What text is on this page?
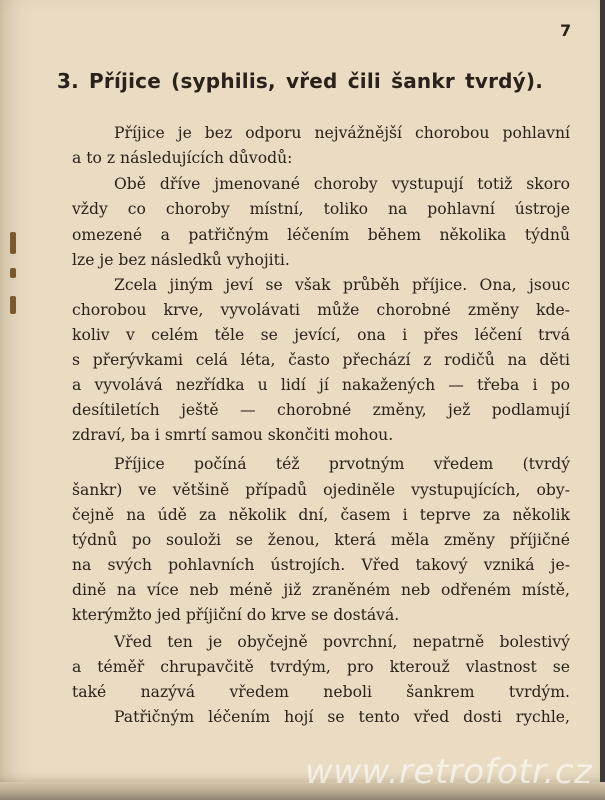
7
3. Příjice (syphilis, vřed čili šankr tvrdý).
Příjice je bez odporu nejvážnější chorobou pohlavní
a to z následujících důvodů:
Obě dříve jmenované choroby vystupují totiž skoro
vždy co choroby místní, toliko na pohlavní ústroje
omezené a patřičným léčením během několika týdnů
lze je bez následků vyhojiti.
Zcela jiným jeví se však průběh příjice. Ona, jsouc
chorobou krve, vyvolávati může chorobné změny kde-
koliv v celém těle se jevící, ona i přes léčení trvá
s přerývkami celá léta, často přechází z rodičů na děti
a vyvolává nezřídka u lidí jí nakažených — třeba i po
desítiletích ještě — chorobné změny, jež podlamují
zdraví, ba i smrtí samou skončiti mohou.
Příjice počíná též prvotným vředem (tvrdý
šankr) ve většině případů ojediněle vystupujících, oby-
čejně na údě za několik dní, časem i teprve za několik
týdnů po souloži se ženou, která měla změny příjičné
na svých pohlavních ústrojích. Vřed takový vzniká je-
dině na více neb méně již zraněném neb odřeném místě,
kterýmžto jed příjiční do krve se dostává.
Vřed ten je obyčejně povrchní, nepatrně bolestivý
a téměř chrupavčitě tvrdým, pro kterouž vlastnost se
také nazývá vředem neboli šankrem tvrdým.
Patřičným léčením hojí se tento vřed dosti rychle,
www.retrofotr.cz
